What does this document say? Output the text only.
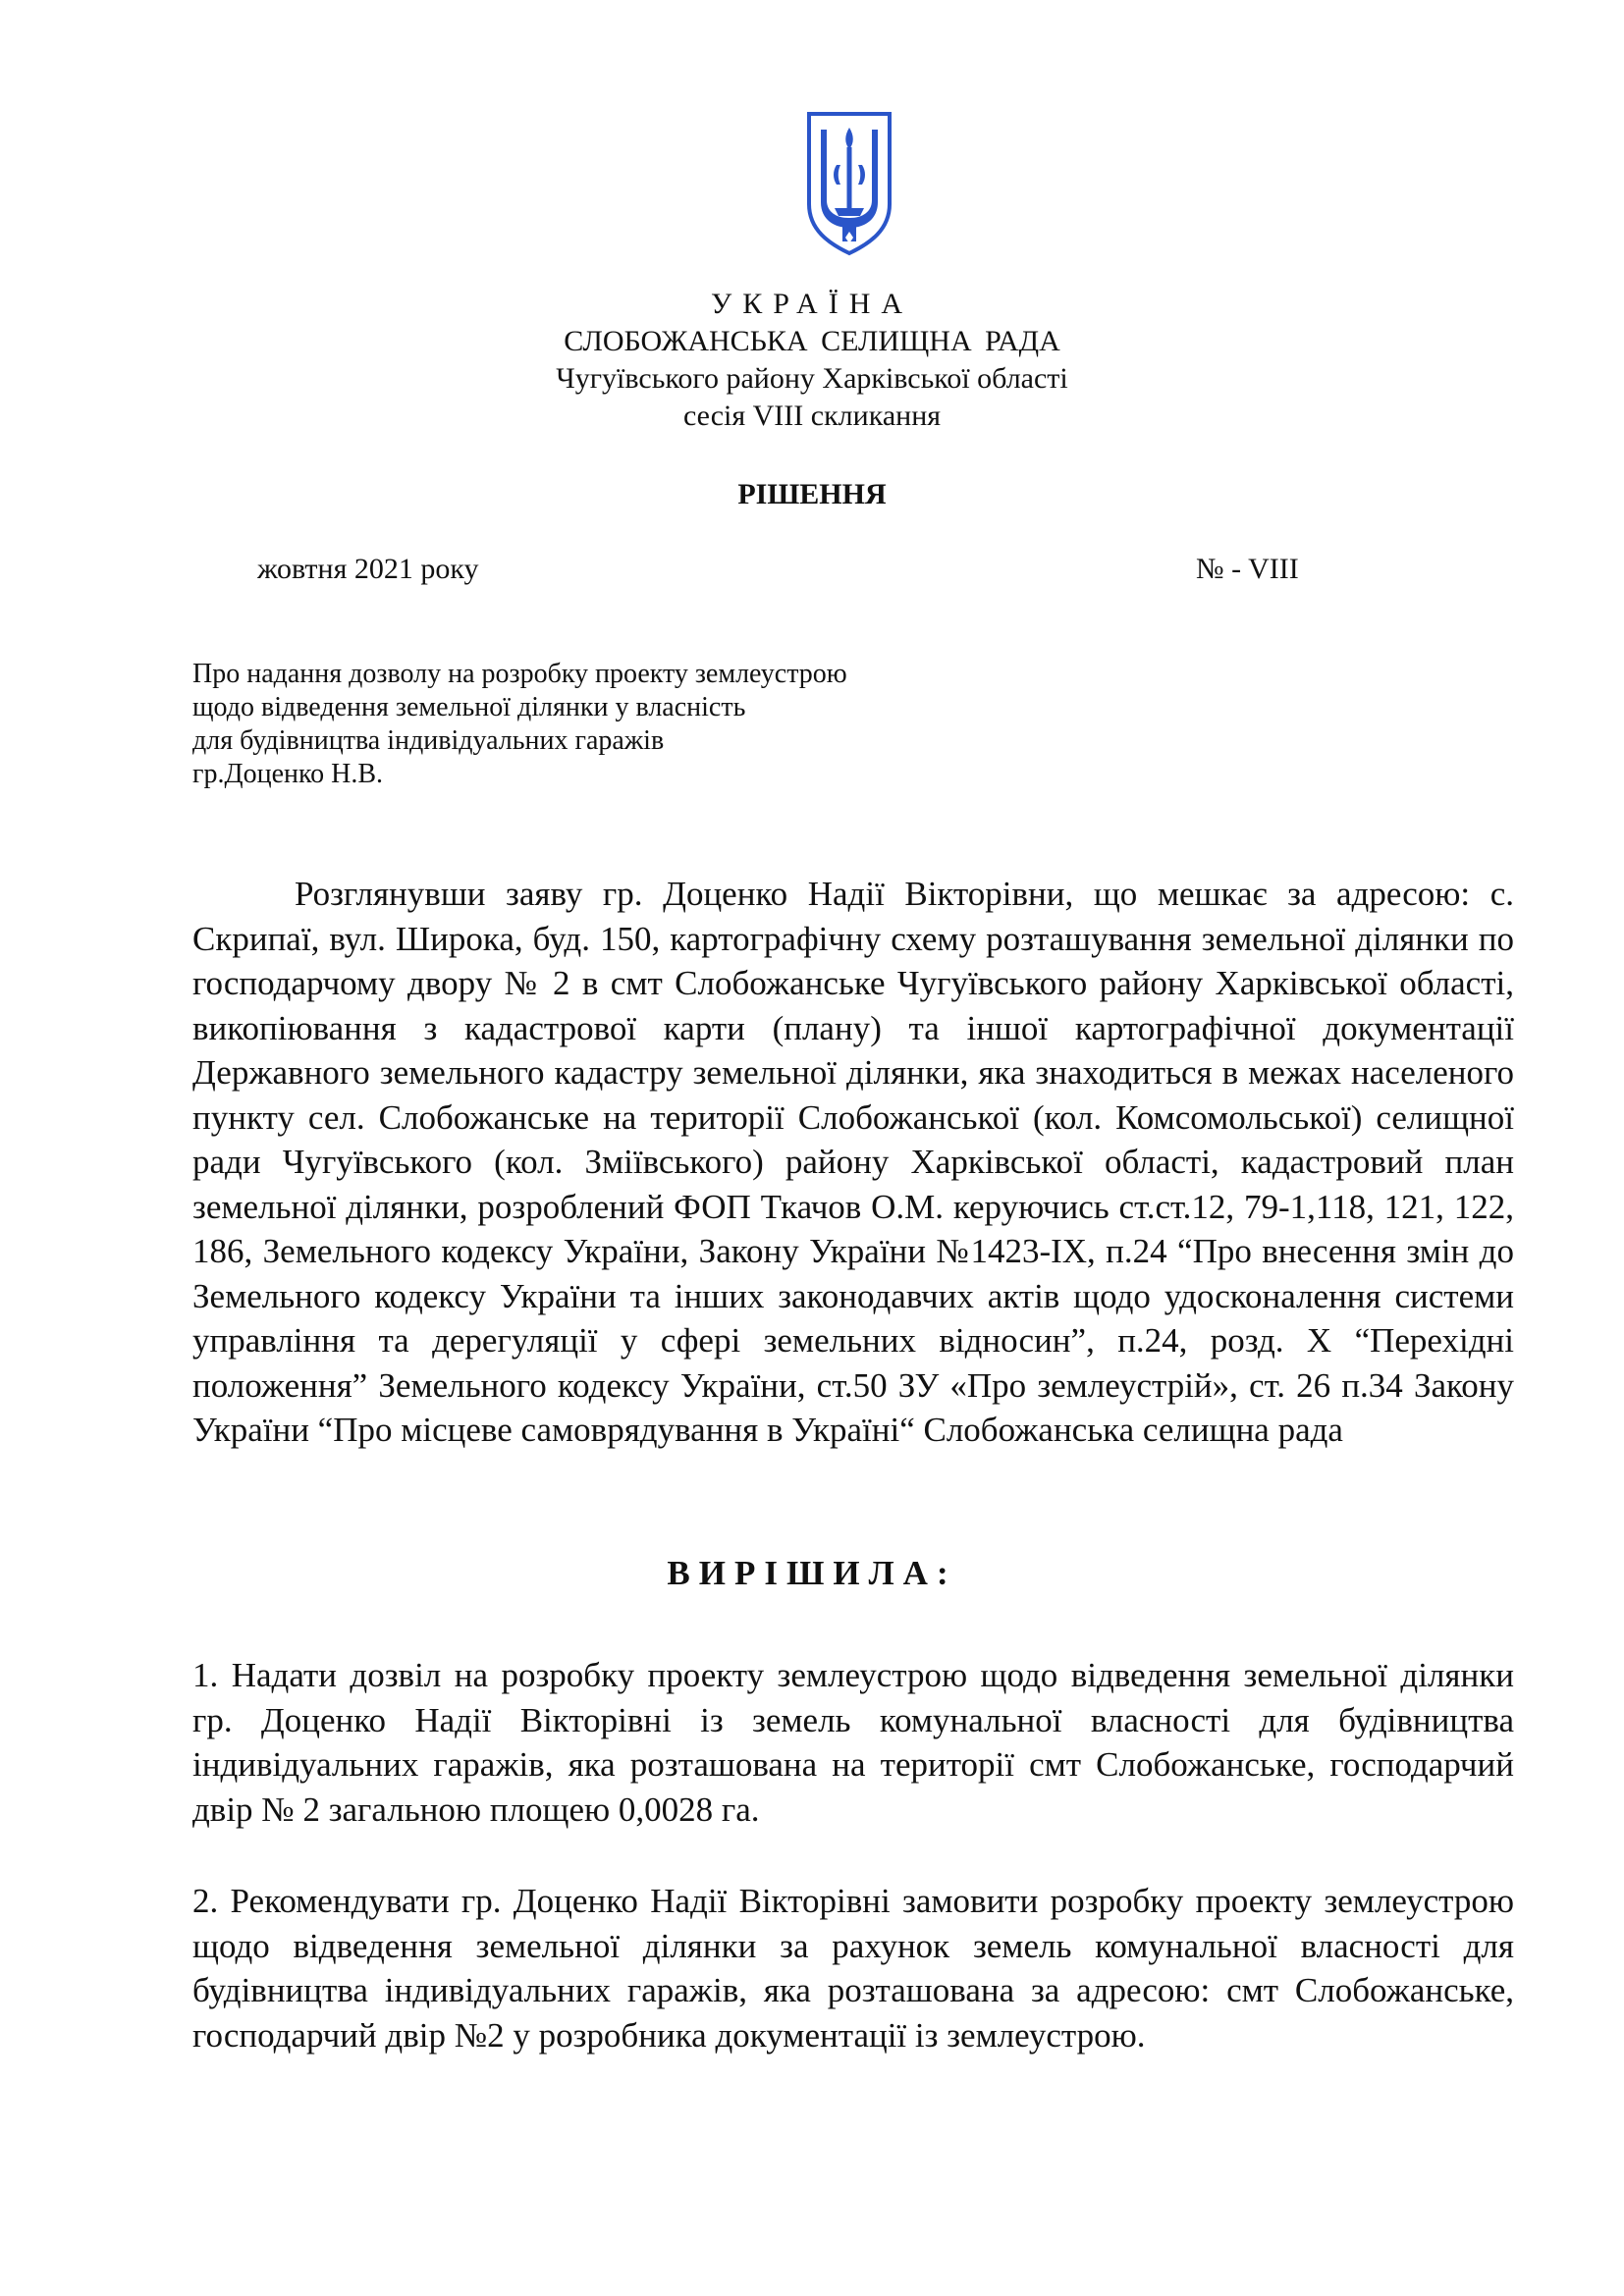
УКРАЇНА
СЛОБОЖАНСЬКА СЕЛИЩНА РАДА
Чугуївського району Харківської області
сесія VIII скликання
РІШЕННЯ
жовтня 2021 року	№ - VIII
Про надання дозволу на розробку проекту землеустрою
щодо відведення земельної ділянки у власність
для будівництва індивідуальних гаражів
гр.Доценко Н.В.
Розглянувши заяву гр. Доценко Надії Вікторівни, що мешкає за адресою: с. Скрипаї, вул. Широка, буд. 150, картографічну схему розташування земельної ділянки по господарчому двору № 2 в смт Слобожанське Чугуївського району Харківської області, викопіювання з кадастрової карти (плану) та іншої картографічної документації Державного земельного кадастру земельної ділянки, яка знаходиться в межах населеного пункту сел. Слобожанське на території Слобожанської (кол. Комсомольської) селищної ради Чугуївського (кол. Зміївського) району Харківської області, кадастровий план земельної ділянки, розроблений ФОП Ткачов О.М. керуючись ст.ст.12, 79-1,118, 121, 122, 186, Земельного кодексу України, Закону України №1423-IX, п.24 “Про внесення змін до Земельного кодексу України та інших законодавчих актів щодо удосконалення системи управління та дерегуляції у сфері земельних відносин”, п.24, розд. X “Перехідні положення” Земельного кодексу України, ст.50 ЗУ «Про землеустрій», ст. 26 п.34 Закону України “Про місцеве самоврядування в Україні“ Слобожанська селищна рада
ВИРІШИЛА:
1. Надати дозвіл на розробку проекту землеустрою щодо відведення земельної ділянки гр. Доценко Надії Вікторівні із земель комунальної власності для будівництва індивідуальних гаражів, яка розташована на території смт Слобожанське, господарчий двір № 2 загальною площею 0,0028 га.
2. Рекомендувати гр. Доценко Надії Вікторівні замовити розробку проекту землеустрою щодо відведення земельної ділянки за рахунок земель комунальної власності для будівництва індивідуальних гаражів, яка розташована за адресою: смт Слобожанське, господарчий двір №2 у розробника документації із землеустрою.
